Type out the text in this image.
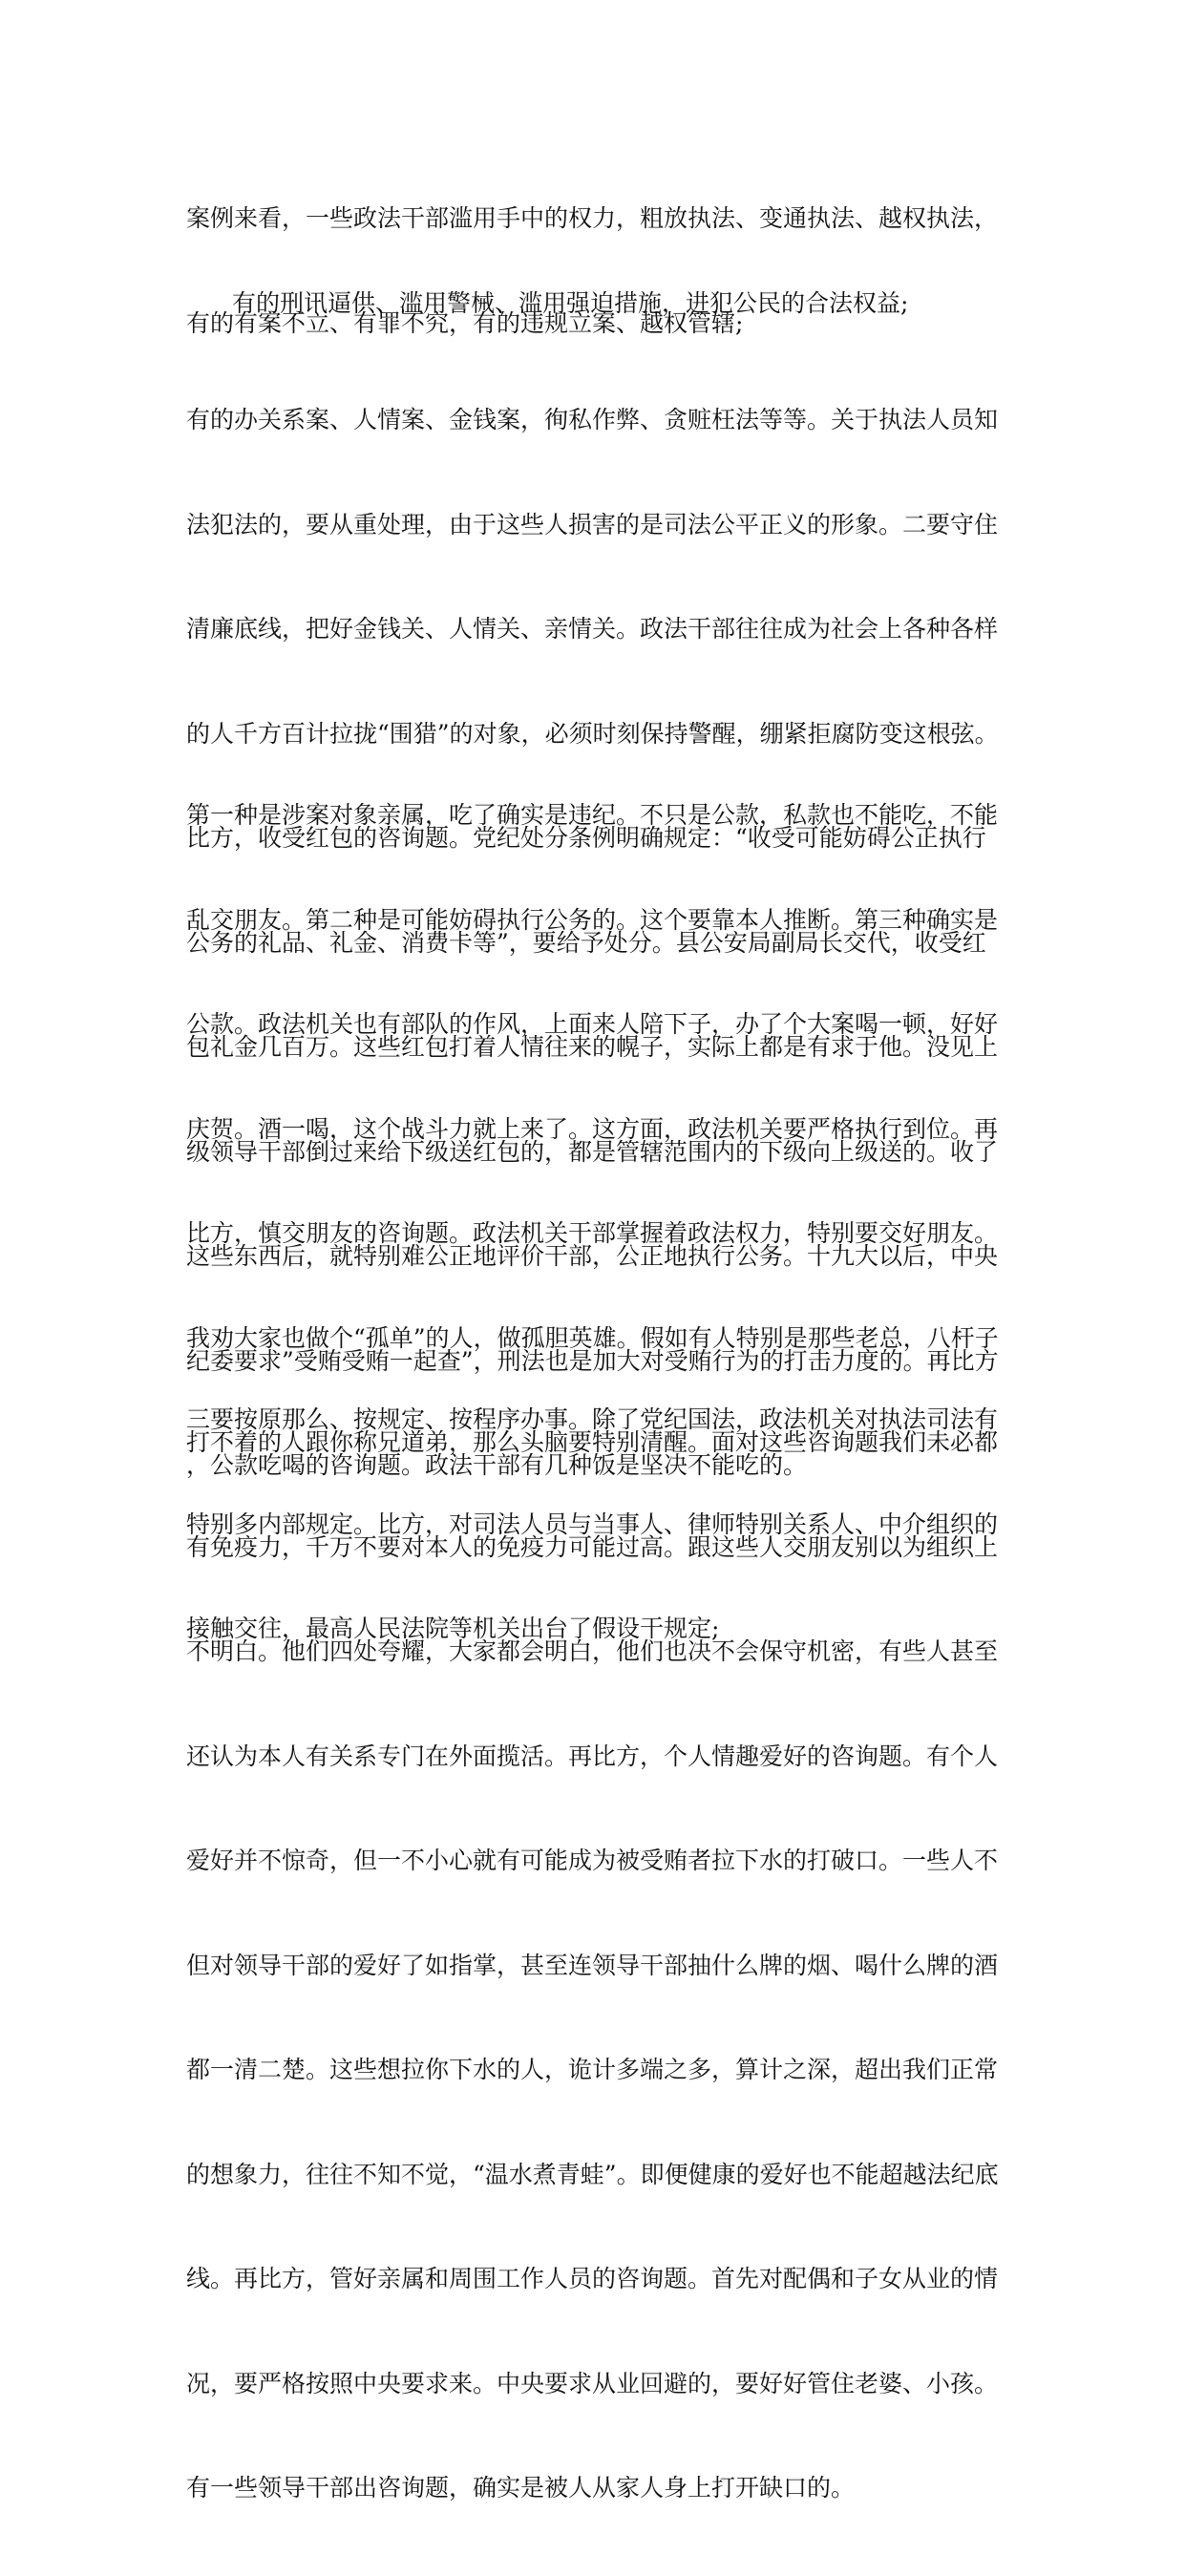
案例来看，一些政法干部滥用手中的权力，粗放执法、变通执法、越权执法，

有的有案不立、有罪不究，有的违规立案、越权管辖;

有的刑讯逼供、滥用警械、滥用强迫措施，进犯公民的合法权益;

有的办关系案、人情案、金钱案，徇私作弊、贪赃枉法等等。关于执法人员知

法犯法的，要从重处理，由于这些人损害的是司法公平正义的形象。二要守住

清廉底线，把好金钱关、人情关、亲情关。政法干部往往成为社会上各种各样

的人千方百计拉拢“围猎”的对象，必须时刻保持警醒，绷紧拒腐防变这根弦。

比方，收受红包的咨询题。党纪处分条例明确规定：“收受可能妨碍公正执行

公务的礼品、礼金、消费卡等”，要给予处分。县公安局副局长交代，收受红

包礼金几百万。这些红包打着人情往来的幌子，实际上都是有求于他。没见上

级领导干部倒过来给下级送红包的，都是管辖范围内的下级向上级送的。收了

这些东西后，就特别难公正地评价干部，公正地执行公务。十九大以后，中央

纪委要求”受贿受贿一起查”，刑法也是加大对受贿行为的打击力度的。再比方

，公款吃喝的咨询题。政法干部有几种饭是坚决不能吃的。

第一种是涉案对象亲属，吃了确实是违纪。不只是公款，私款也不能吃，不能

乱交朋友。第二种是可能妨碍执行公务的。这个要靠本人推断。第三种确实是

公款。政法机关也有部队的作风，上面来人陪下子，办了个大案喝一顿，好好

庆贺。酒一喝，这个战斗力就上来了。这方面，政法机关要严格执行到位。再

比方，慎交朋友的咨询题。政法机关干部掌握着政法权力，特别要交好朋友。

我劝大家也做个“孤单”的人，做孤胆英雄。假如有人特别是那些老总，八杆子

打不着的人跟你称兄道弟，那么头脑要特别清醒。面对这些咨询题我们未必都

有免疫力，千万不要对本人的免疫力可能过高。跟这些人交朋友别以为组织上

不明白。他们四处夸耀，大家都会明白，他们也决不会保守机密，有些人甚至

还认为本人有关系专门在外面揽活。再比方，个人情趣爱好的咨询题。有个人

爱好并不惊奇，但一不小心就有可能成为被受贿者拉下水的打破口。一些人不

但对领导干部的爱好了如指掌，甚至连领导干部抽什么牌的烟、喝什么牌的酒

都一清二楚。这些想拉你下水的人，诡计多端之多，算计之深，超出我们正常

的想象力，往往不知不觉，“温水煮青蛙”。即便健康的爱好也不能超越法纪底

线。再比方，管好亲属和周围工作人员的咨询题。首先对配偶和子女从业的情

况，要严格按照中央要求来。中央要求从业回避的，要好好管住老婆、小孩。

有一些领导干部出咨询题，确实是被人从家人身上打开缺口的。

三要按原那么、按规定、按程序办事。除了党纪国法，政法机关对执法司法有

特别多内部规定。比方，对司法人员与当事人、律师特别关系人、中介组织的

接触交往，最高人民法院等机关出台了假设干规定;
